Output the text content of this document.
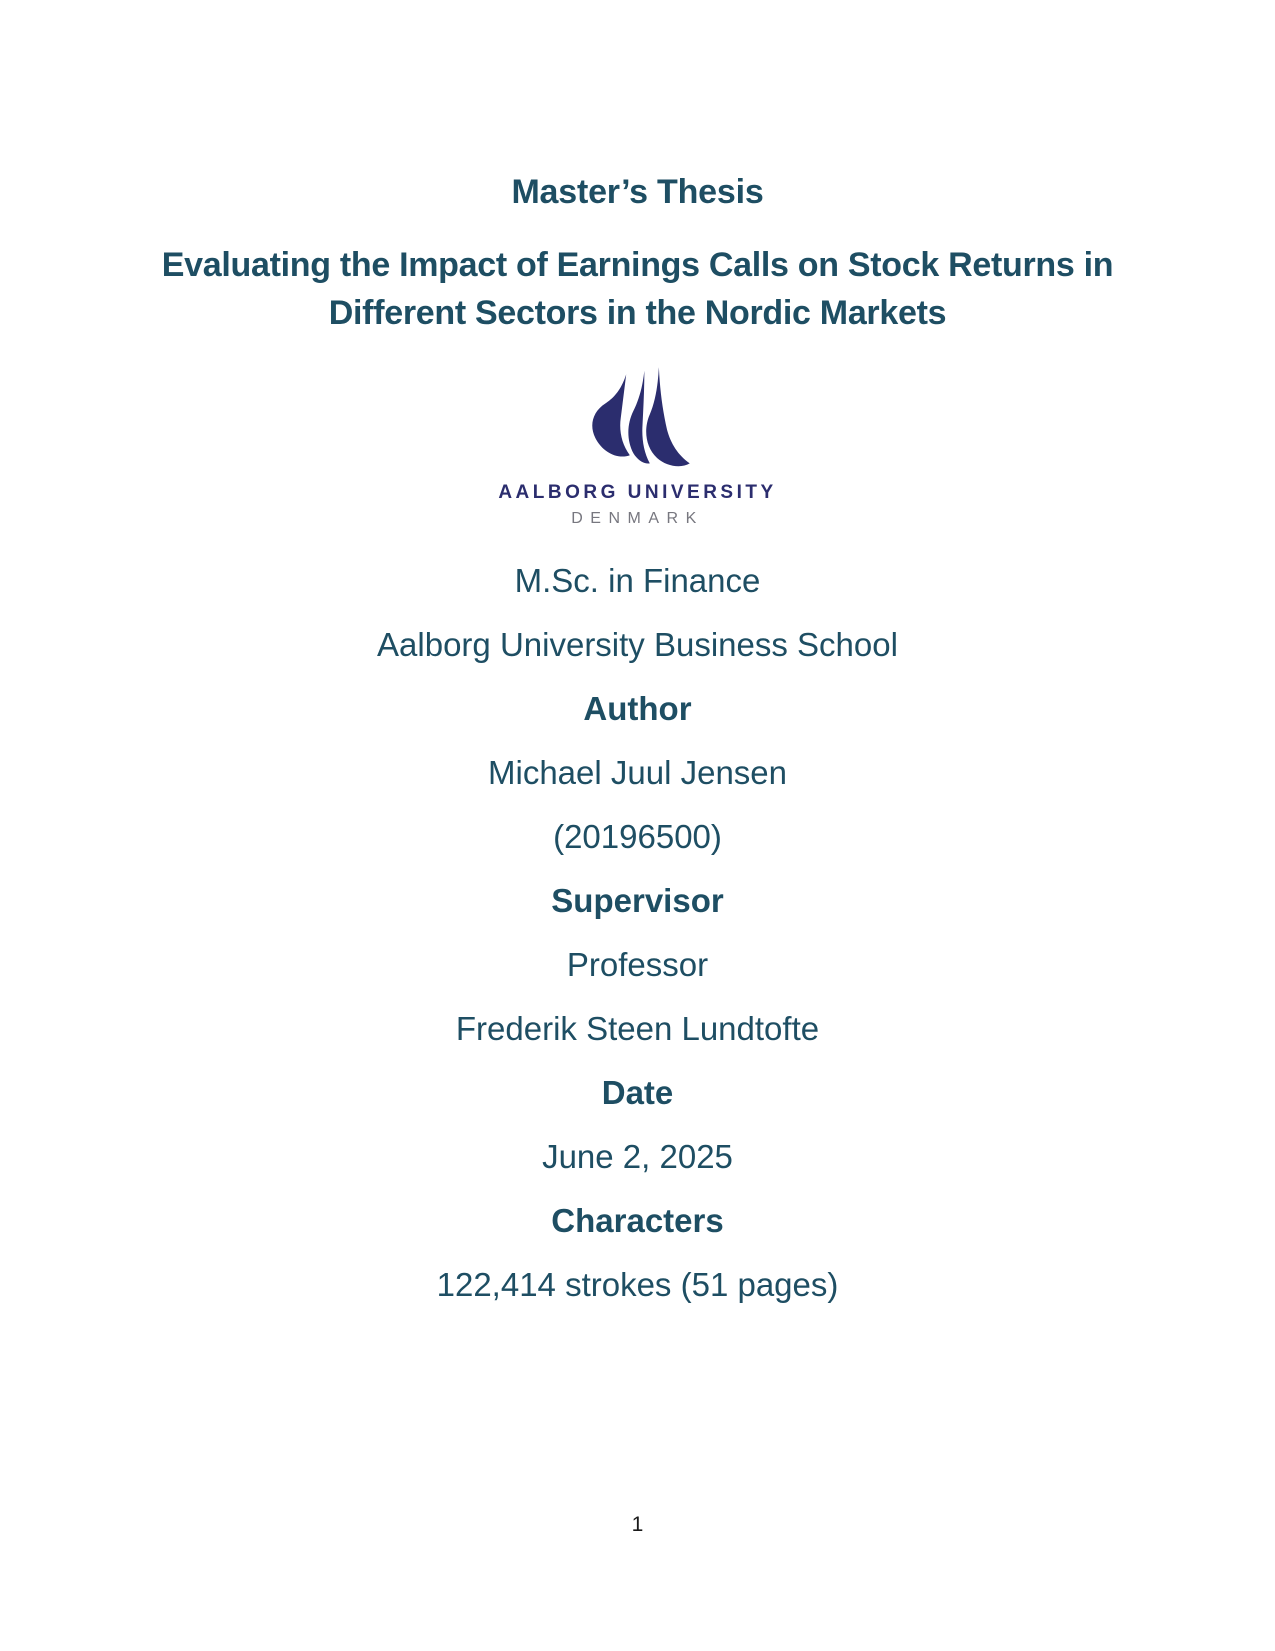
Master’s Thesis

Evaluating the Impact of Earnings Calls on Stock Returns in
Different Sectors in the Nordic Markets
AALBORG UNIVERSITY
DENMARK

M.Sc. in Finance

Aalborg University Business School

Author

Michael Juul Jensen

(20196500)

Supervisor

Professor

Frederik Steen Lundtofte

Date

June 2, 2025

Characters

122,414 strokes (51 pages)

1
